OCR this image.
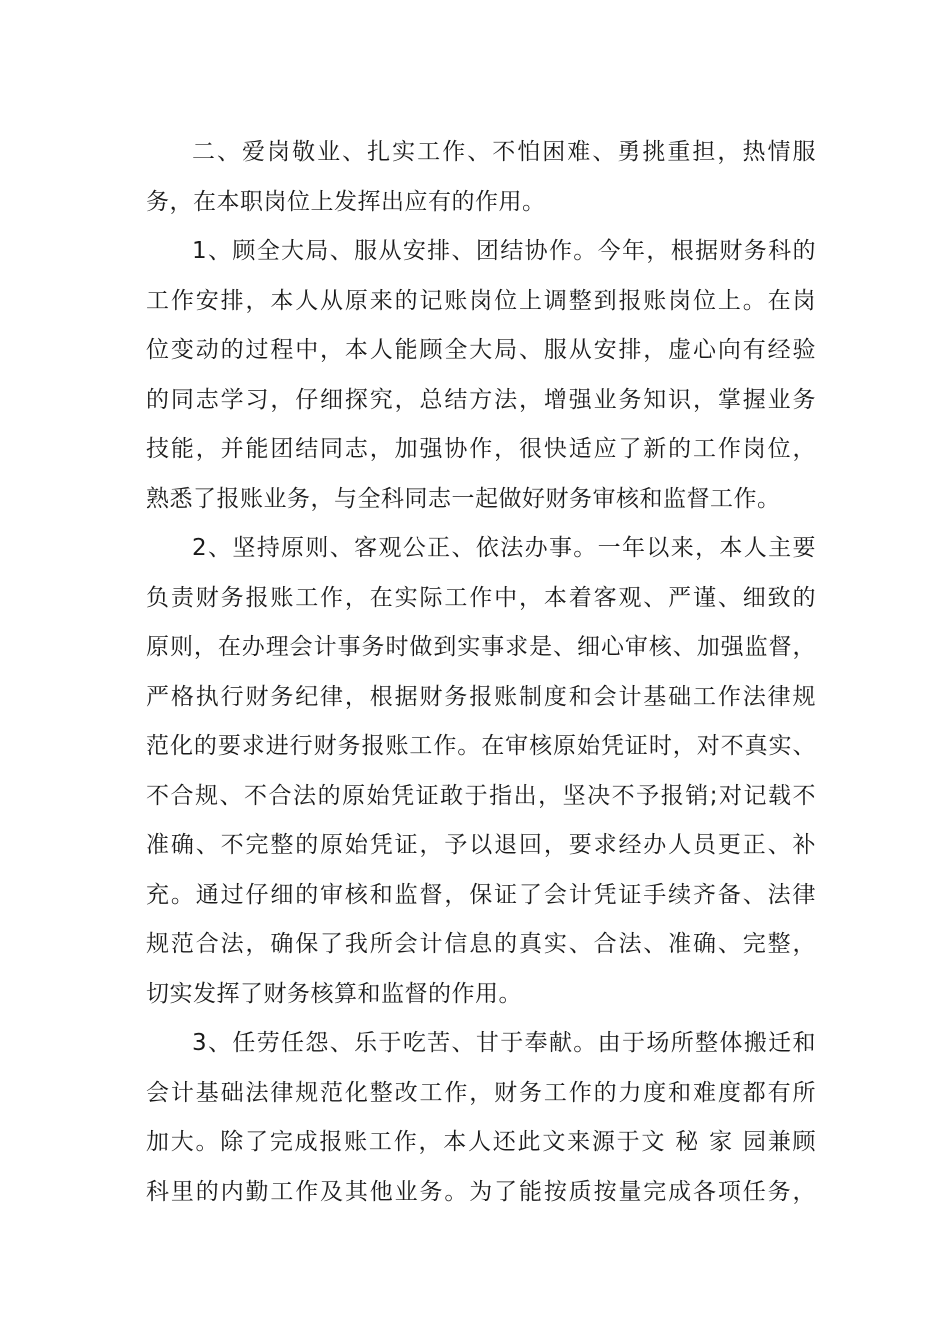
二、爱岗敬业、扎实工作、不怕困难、勇挑重担，热情服
务，在本职岗位上发挥出应有的作用。
1、顾全大局、服从安排、团结协作。今年，根据财务科的
工作安排，本人从原来的记账岗位上调整到报账岗位上。在岗
位变动的过程中，本人能顾全大局、服从安排，虚心向有经验
的同志学习，仔细探究，总结方法，增强业务知识，掌握业务
技能，并能团结同志，加强协作，很快适应了新的工作岗位，
熟悉了报账业务，与全科同志一起做好财务审核和监督工作。
2、坚持原则、客观公正、依法办事。一年以来，本人主要
负责财务报账工作，在实际工作中，本着客观、严谨、细致的
原则，在办理会计事务时做到实事求是、细心审核、加强监督，
严格执行财务纪律，根据财务报账制度和会计基础工作法律规
范化的要求进行财务报账工作。在审核原始凭证时，对不真实、
不合规、不合法的原始凭证敢于指出，坚决不予报销;对记载不
准确、不完整的原始凭证，予以退回，要求经办人员更正、补
充。通过仔细的审核和监督，保证了会计凭证手续齐备、法律
规范合法，确保了我所会计信息的真实、合法、准确、完整，
切实发挥了财务核算和监督的作用。
3、任劳任怨、乐于吃苦、甘于奉献。由于场所整体搬迁和
会计基础法律规范化整改工作，财务工作的力度和难度都有所
加大。除了完成报账工作，本人还此文来源于文 秘 家 园兼顾
科里的内勤工作及其他业务。为了能按质按量完成各项任务，
